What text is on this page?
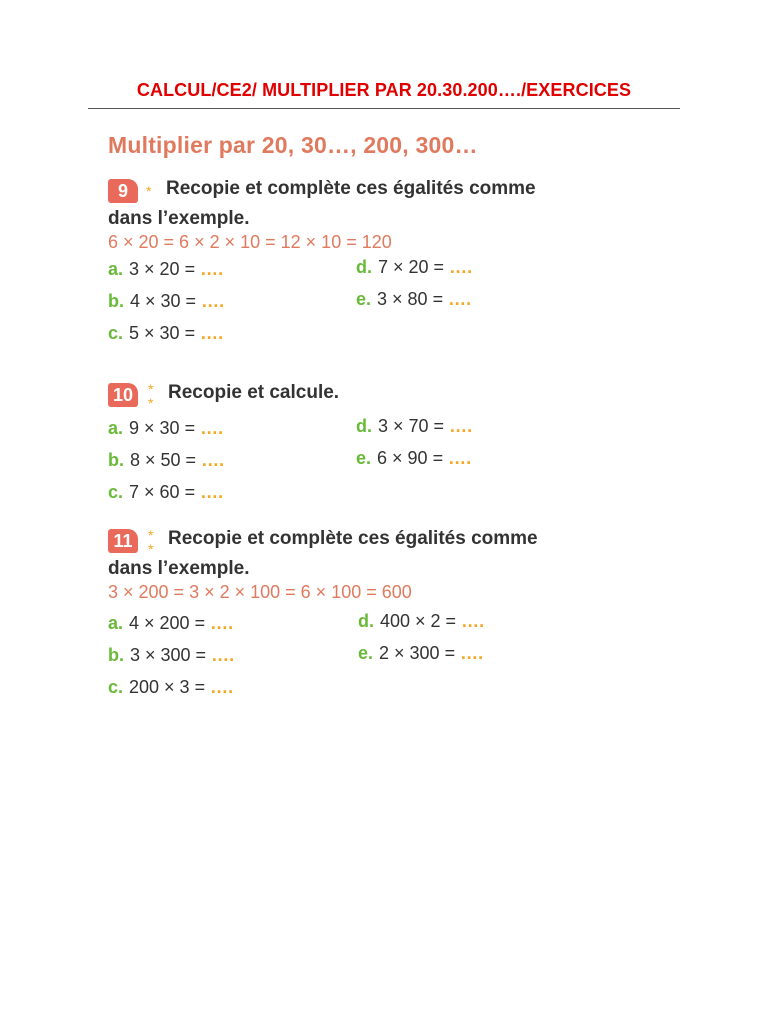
CALCUL/CE2/ MULTIPLIER PAR 20.30.200…./EXERCICES
Multiplier par 20, 30…, 200, 300…
9	* Recopie et complète ces égalités comme
dans l’exemple.
6 × 20 = 6 × 2 × 10 = 12 × 10 = 120
a. 3 × 20 = ….
b. 4 × 30 = ….
c. 5 × 30 = ….
d. 7 × 20 = ….
e. 3 × 80 = ….
10	*
* Recopie et calcule.
a. 9 × 30 = ….
b. 8 × 50 = ….
c. 7 × 60 = ….
d. 3 × 70 = ….
e. 6 × 90 = ….
11	*
* Recopie et complète ces égalités comme
dans l’exemple.
3 × 200 = 3 × 2 × 100 = 6 × 100 = 600
a. 4 × 200 = ….
b. 3 × 300 = ….
c. 200 × 3 = ….
d. 400 × 2 = ….
e. 2 × 300 = ….
